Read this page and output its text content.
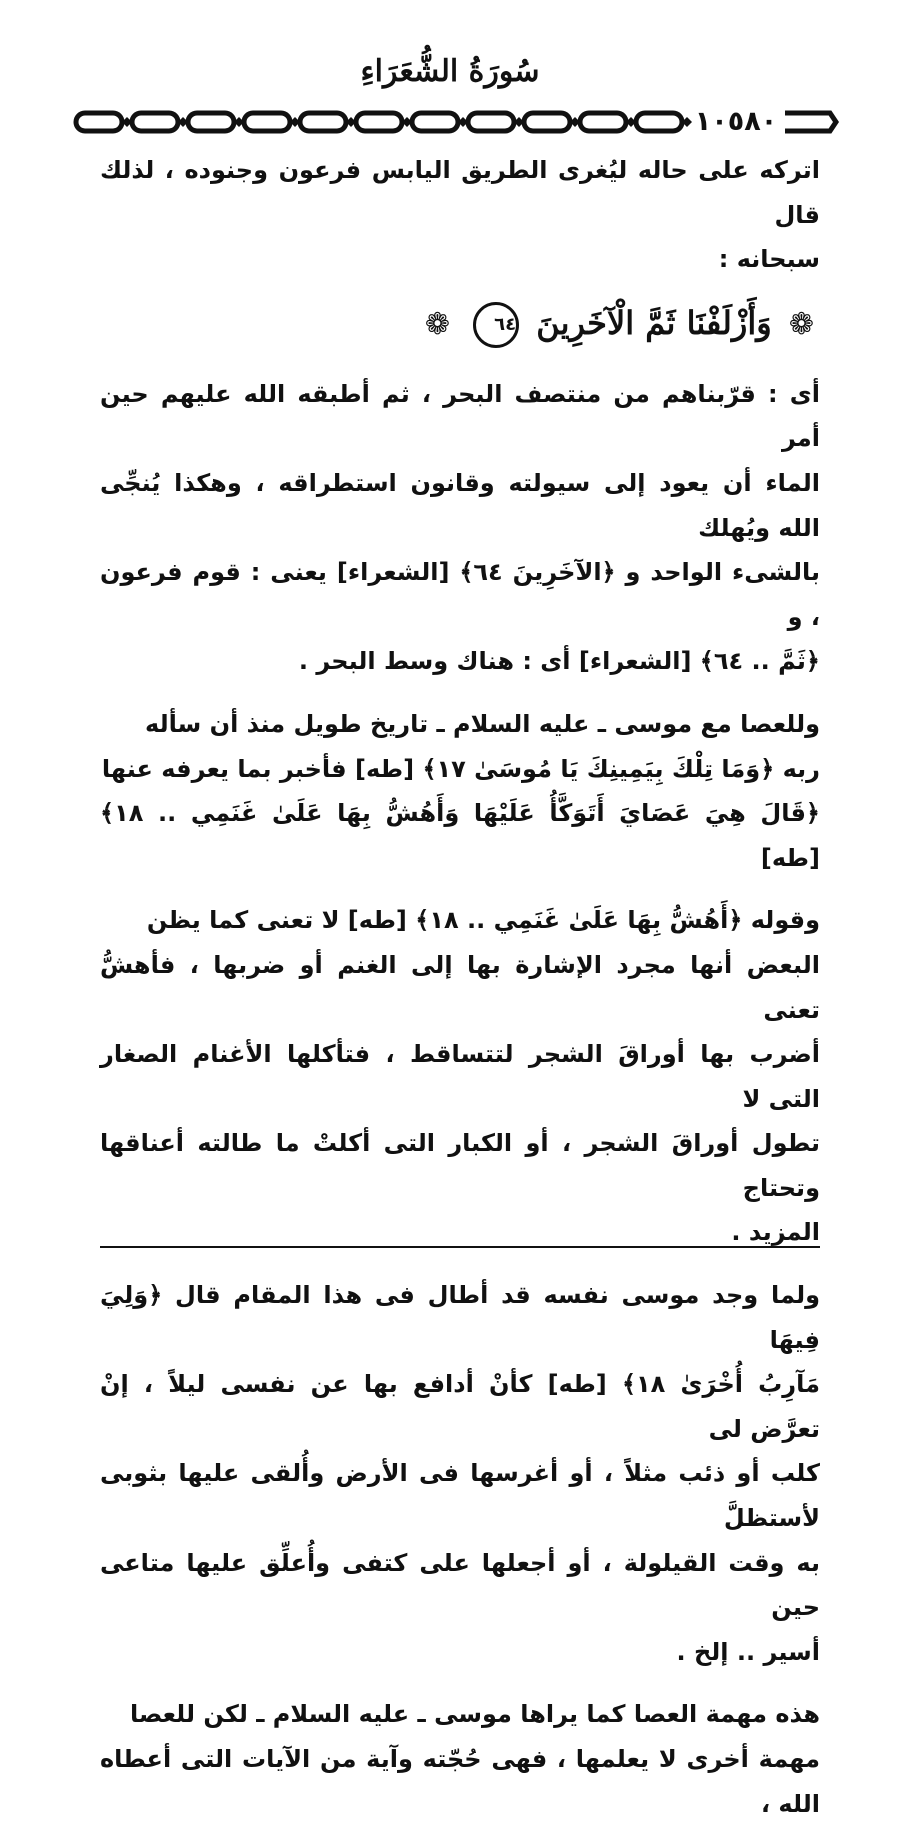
سُورَةُ الشُّعَرَاءِ
١٠٥٨٠

اتركه على حاله ليُغرى الطريق اليابس فرعون وجنوده ، لذلك قال
سبحانه :

❁ وَأَزْلَفْنَا ثَمَّ الْآخَرِينَ ٦٤ ❁

أى : قرّبناهم من منتصف البحر ، ثم أطبقه الله عليهم حين أمر
الماء أن يعود إلى سيولته وقانون استطراقه ، وهكذا يُنجِّى الله ويُهلك
بالشىء الواحد و ﴿الآخَرِينَ ٦٤﴾ [الشعراء] يعنى : قوم فرعون ، و
﴿ثَمَّ .. ٦٤﴾ [الشعراء] أى : هناك وسط البحر .

وللعصا مع موسى ـ عليه السلام ـ تاريخ طويل منذ أن سأله
ربه ﴿وَمَا تِلْكَ بِيَمِينِكَ يَا مُوسَىٰ ١٧﴾ [طه] فأخبر بما يعرفه عنها
﴿قَالَ هِيَ عَصَايَ أَتَوَكَّأُ عَلَيْهَا وَأَهُشُّ بِهَا عَلَىٰ غَنَمِي .. ١٨﴾ [طه]

وقوله ﴿أَهُشُّ بِهَا عَلَىٰ غَنَمِي .. ١٨﴾ [طه] لا تعنى كما يظن
البعض أنها مجرد الإشارة بها إلى الغنم أو ضربها ، فأهشُّ تعنى
أضرب بها أوراقَ الشجر لتتساقط ، فتأكلها الأغنام الصغار التى لا
تطول أوراقَ الشجر ، أو الكبار التى أكلتْ ما طالته أعناقها وتحتاج
المزيد .

ولما وجد موسى نفسه قد أطال فى هذا المقام قال ﴿وَلِيَ فِيهَا
مَآرِبُ أُخْرَىٰ ١٨﴾ [طه] كأنْ أدافع بها عن نفسى ليلاً ، إنْ تعرَّض لى
كلب أو ذئب مثلاً ، أو أغرسها فى الأرض وأُلقى عليها بثوبى لأستظلَّ
به وقت القيلولة ، أو أجعلها على كتفى وأُعلِّق عليها متاعى حين
أسير .. إلخ .

هذه مهمة العصا كما يراها موسى ـ عليه السلام ـ لكن للعصا
مهمة أخرى لا يعلمها ، فهى حُجّته وآية من الآيات التى أعطاه الله ،
